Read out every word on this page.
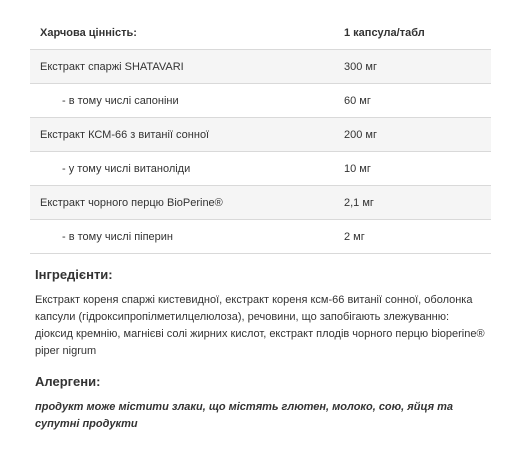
Харчова цінність:	1 капсула/табл
Екстракт спаржі SHATAVARI	300 мг
- в тому числі сапоніни	60 мг
Екстракт КСМ-66 з витанії сонної	200 мг
- у тому числі витаноліди	10 мг
Екстракт чорного перцю BioPerine®	2,1 мг
- в тому числі піперин	2 мг
Інгредієнти:
Екстракт кореня спаржі кистевидної, екстракт кореня ксм-66 витанії сонної, оболонка капсули (гідроксипропілметилцелюлоза), речовини, що запобігають злежуванню: діоксид кремнію, магнієві солі жирних кислот, екстракт плодів чорного перцю bioperine® piper nigrum
Алергени:
продукт може містити злаки, що містять глютен, молоко, сою, яйця та супутні продукти
